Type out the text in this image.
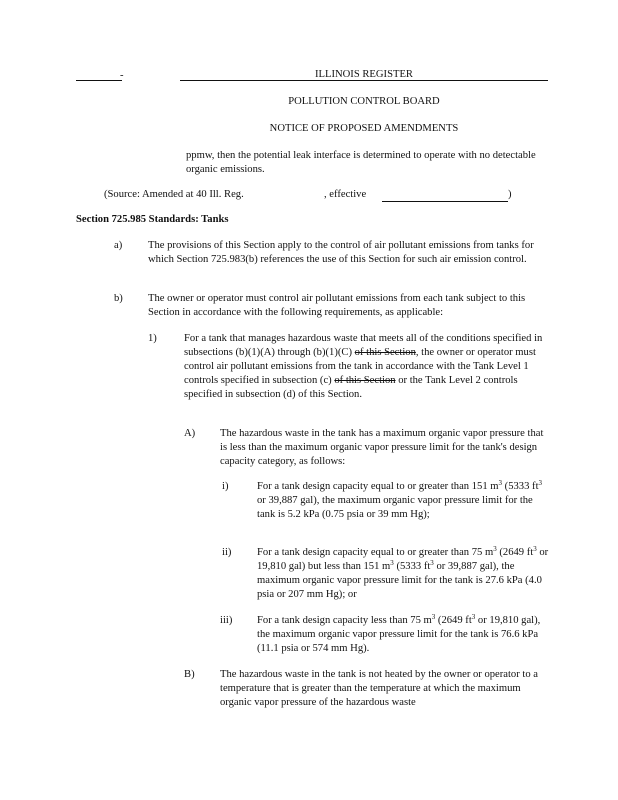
-	ILLINOIS REGISTER
POLLUTION CONTROL BOARD
NOTICE OF PROPOSED AMENDMENTS
ppmw, then the potential leak interface is determined to operate with no detectable organic emissions.
(Source: Amended at 40 Ill. Reg.	, effective	)
Section 725.985 Standards: Tanks
a) The provisions of this Section apply to the control of air pollutant emissions from tanks for which Section 725.983(b) references the use of this Section for such air emission control.
b) The owner or operator must control air pollutant emissions from each tank subject to this Section in accordance with the following requirements, as applicable:
1)	For a tank that manages hazardous waste that meets all of the conditions specified in subsections (b)(1)(A) through (b)(1)(C) of this Section, the owner or operator must control air pollutant emissions from the tank in accordance with the Tank Level 1 controls specified in subsection (c) of this Section or the Tank Level 2 controls specified in subsection (d) of this Section.
A) The hazardous waste in the tank has a maximum organic vapor pressure that is less than the maximum organic vapor pressure limit for the tank's design capacity category, as follows:
i)	For a tank design capacity equal to or greater than 151 $m^3$ (5333 $ft^3$ or 39,887 gal), the maximum organic vapor pressure limit for the tank is 5.2 kPa (0.75 psia or 39 mm Hg);
ii) For a tank design capacity equal to or greater than 75 $m^3$ (2649 $ft^3$ or 19,810 gal) but less than 151 $m^3$ (5333 $ft^3$ or 39,887 gal), the maximum organic vapor pressure limit for the tank is 27.6 kPa (4.0 psia or 207 mm Hg); or
iii) For a tank design capacity less than 75 $m^3$ (2649 $ft^3$ or 19,810 gal), the maximum organic vapor pressure limit for the tank is 76.6 kPa (11.1 psia or 574 mm Hg).
B) The hazardous waste in the tank is not heated by the owner or operator to a temperature that is greater than the temperature at which the maximum organic vapor pressure of the hazardous waste
